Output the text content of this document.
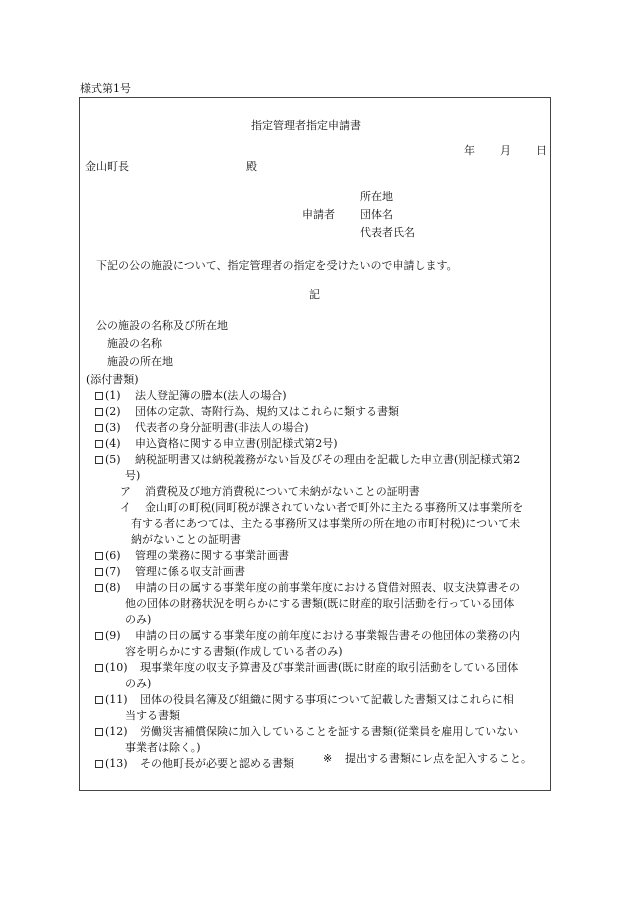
様式第1号
指定管理者指定申請書
年 月 日
金山町長	殿
所在地
申請者 団体名
代表者氏名
下記の公の施設について、指定管理者の指定を受けたいので申請します。
記
公の施設の名称及び所在地
施設の名称
施設の所在地
(添付書類)
(1) 法人登記簿の謄本(法人の場合)
(2) 団体の定款、寄附行為、規約又はこれらに類する書類
(3) 代表者の身分証明書(非法人の場合)
(4) 申込資格に関する申立書(別記様式第2号)
(5) 納税証明書又は納税義務がない旨及びその理由を記載した申立書(別記様式第2
号)
ア 消費税及び地方消費税について未納がないことの証明書
イ 金山町の町税(同町税が課されていない者で町外に主たる事務所又は事業所を
有する者にあつては、主たる事務所又は事業所の所在地の市町村税)について未
納がないことの証明書
(6) 管理の業務に関する事業計画書
(7) 管理に係る収支計画書
(8) 申請の日の属する事業年度の前事業年度における貸借対照表、収支決算書その
他の団体の財務状況を明らかにする書類(既に財産的取引活動を行っている団体
のみ)
(9) 申請の日の属する事業年度の前年度における事業報告書その他団体の業務の内
容を明らかにする書類(作成している者のみ)
(10) 現事業年度の収支予算書及び事業計画書(既に財産的取引活動をしている団体
のみ)
(11) 団体の役員名簿及び組織に関する事項について記載した書類又はこれらに相
当する書類
(12) 労働災害補償保険に加入していることを証する書類(従業員を雇用していない
事業者は除く。)
(13) その他町長が必要と認める書類	※ 提出する書類にレ点を記入すること。
